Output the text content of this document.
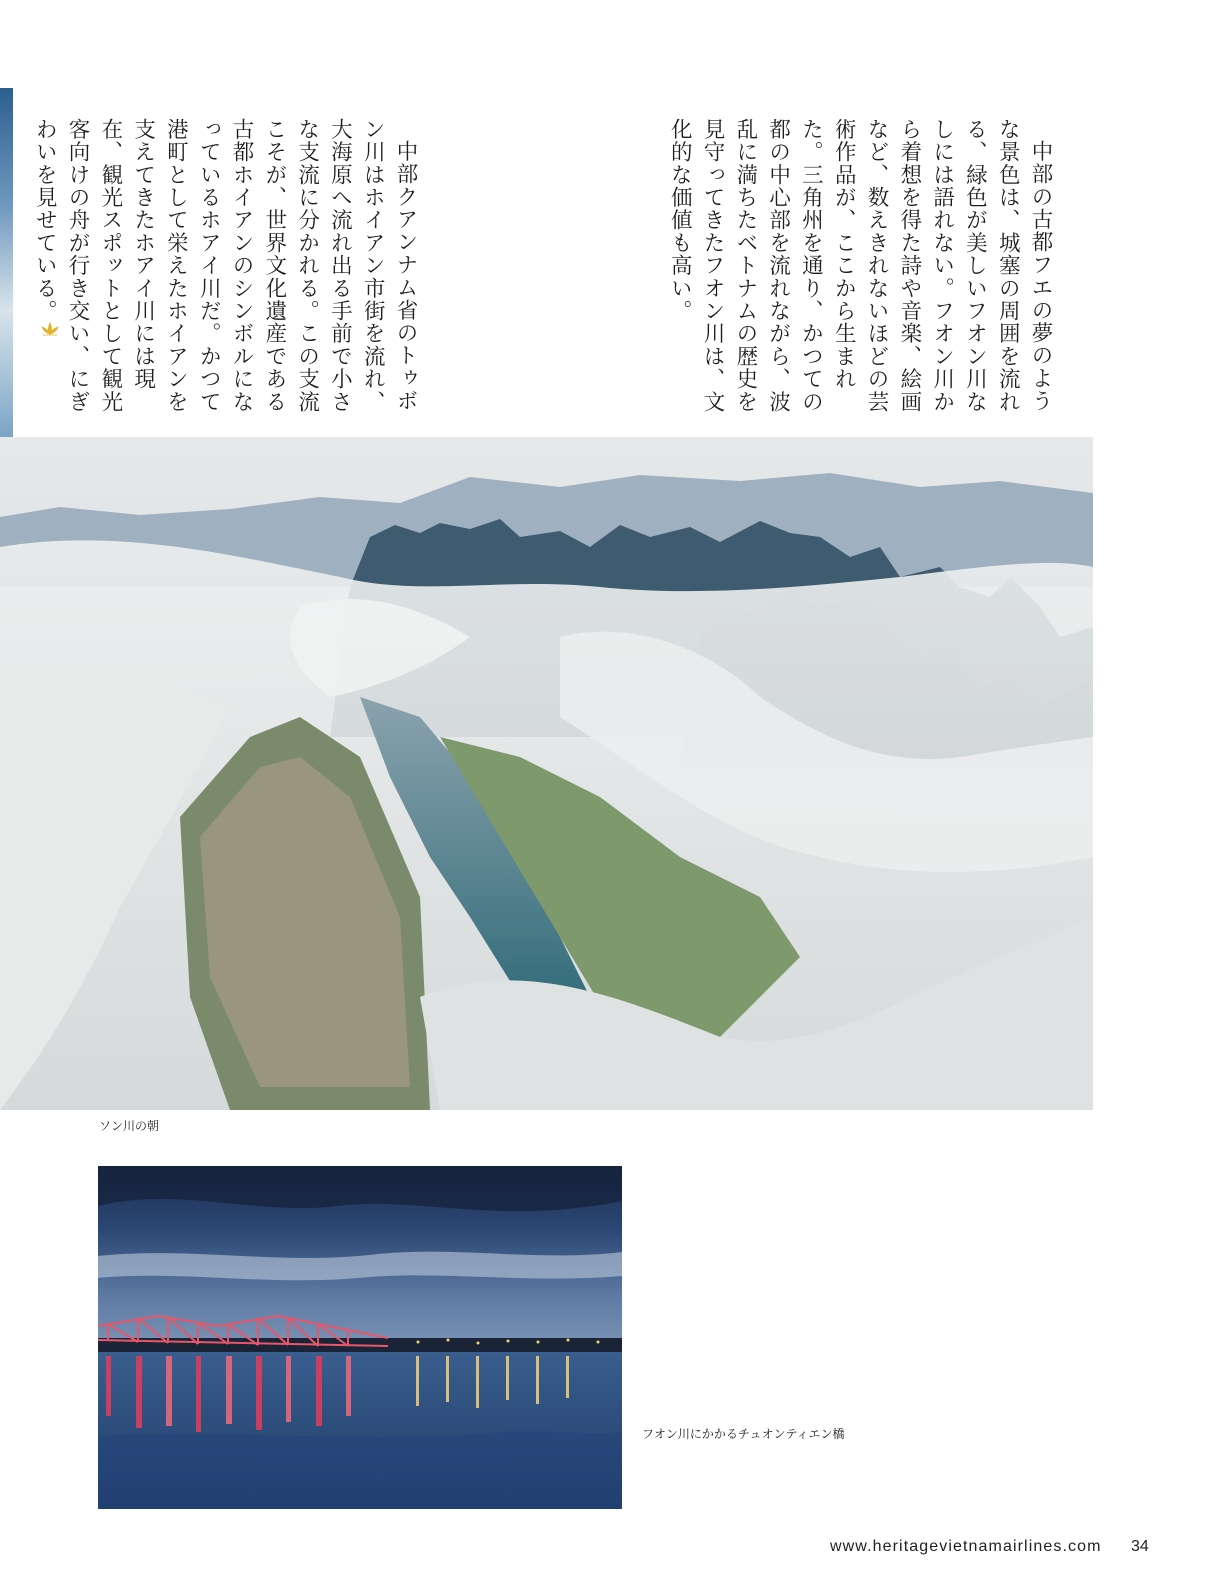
中部の古都フエの夢のような景色は、城塞の周囲を流れる、緑色が美しいフオン川なしには語れない。フオン川から着想を得た詩や音楽、絵画など、数えきれないほどの芸術作品が、ここから生まれた。三角州を通り、かつての都の中心部を流れながら、波乱に満ちたベトナムの歴史を見守ってきたフオン川は、文化的な価値も高い。

中部クアンナム省のトゥボン川はホイアン市街を流れ、大海原へ流れ出る手前で小さな支流に分かれる。この支流こそが、世界文化遺産である古都ホイアンのシンボルになっているホアイ川だ。かつて港町として栄えたホイアンを支えてきたホアイ川には現在、観光スポットとして観光客向けの舟が行き交い、にぎわいを見せている。

ソン川の朝
フオン川にかかるチュオンティエン橋
www.heritagevietnamairlines.com 34
